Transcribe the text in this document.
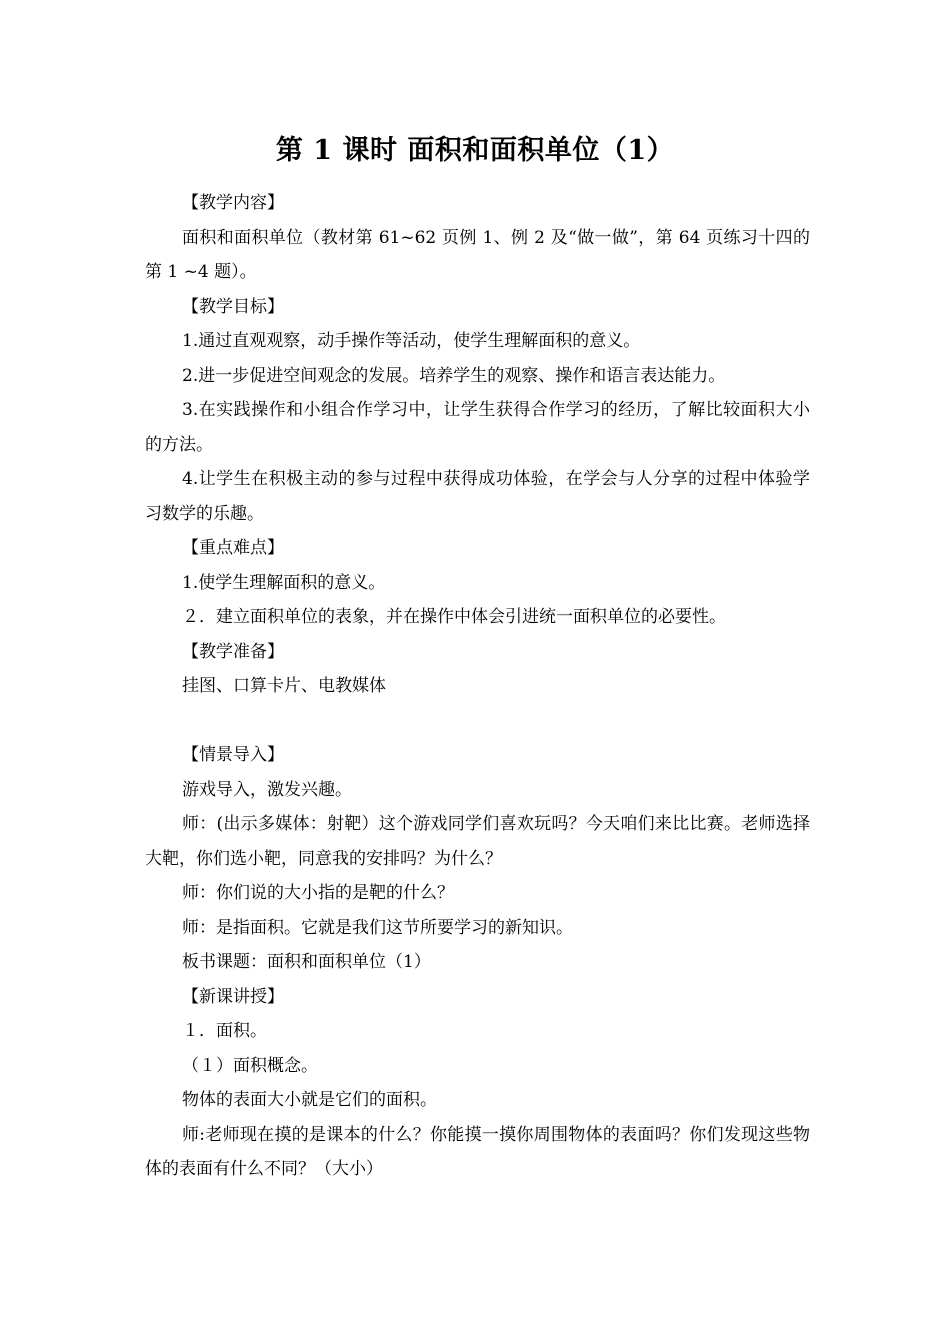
第 1 课时 面积和面积单位（1）

【教学内容】

面积和面积单位（教材第 61~62 页例 1、例 2 及“做一做”，第 64 页练习十四的第 1 ~4 题）。

【教学目标】

1.通过直观观察，动手操作等活动，使学生理解面积的意义。

2.进一步促进空间观念的发展。培养学生的观察、操作和语言表达能力。

3.在实践操作和小组合作学习中，让学生获得合作学习的经历，了解比较面积大小的方法。

4.让学生在积极主动的参与过程中获得成功体验，在学会与人分享的过程中体验学习数学的乐趣。

【重点难点】

1.使学生理解面积的意义。

２．建立面积单位的表象，并在操作中体会引进统一面积单位的必要性。

【教学准备】

挂图、口算卡片、电教媒体

【情景导入】

游戏导入，激发兴趣。

师：(出示多媒体：射靶）这个游戏同学们喜欢玩吗？今天咱们来比比赛。老师选择大靶，你们选小靶，同意我的安排吗？为什么？

师：你们说的大小指的是靶的什么？

师：是指面积。它就是我们这节所要学习的新知识。

板书课题：面积和面积单位（1）

【新课讲授】

１．面积。

（１）面积概念。

物体的表面大小就是它们的面积。

师:老师现在摸的是课本的什么？你能摸一摸你周围物体的表面吗？你们发现这些物体的表面有什么不同？（大小）
